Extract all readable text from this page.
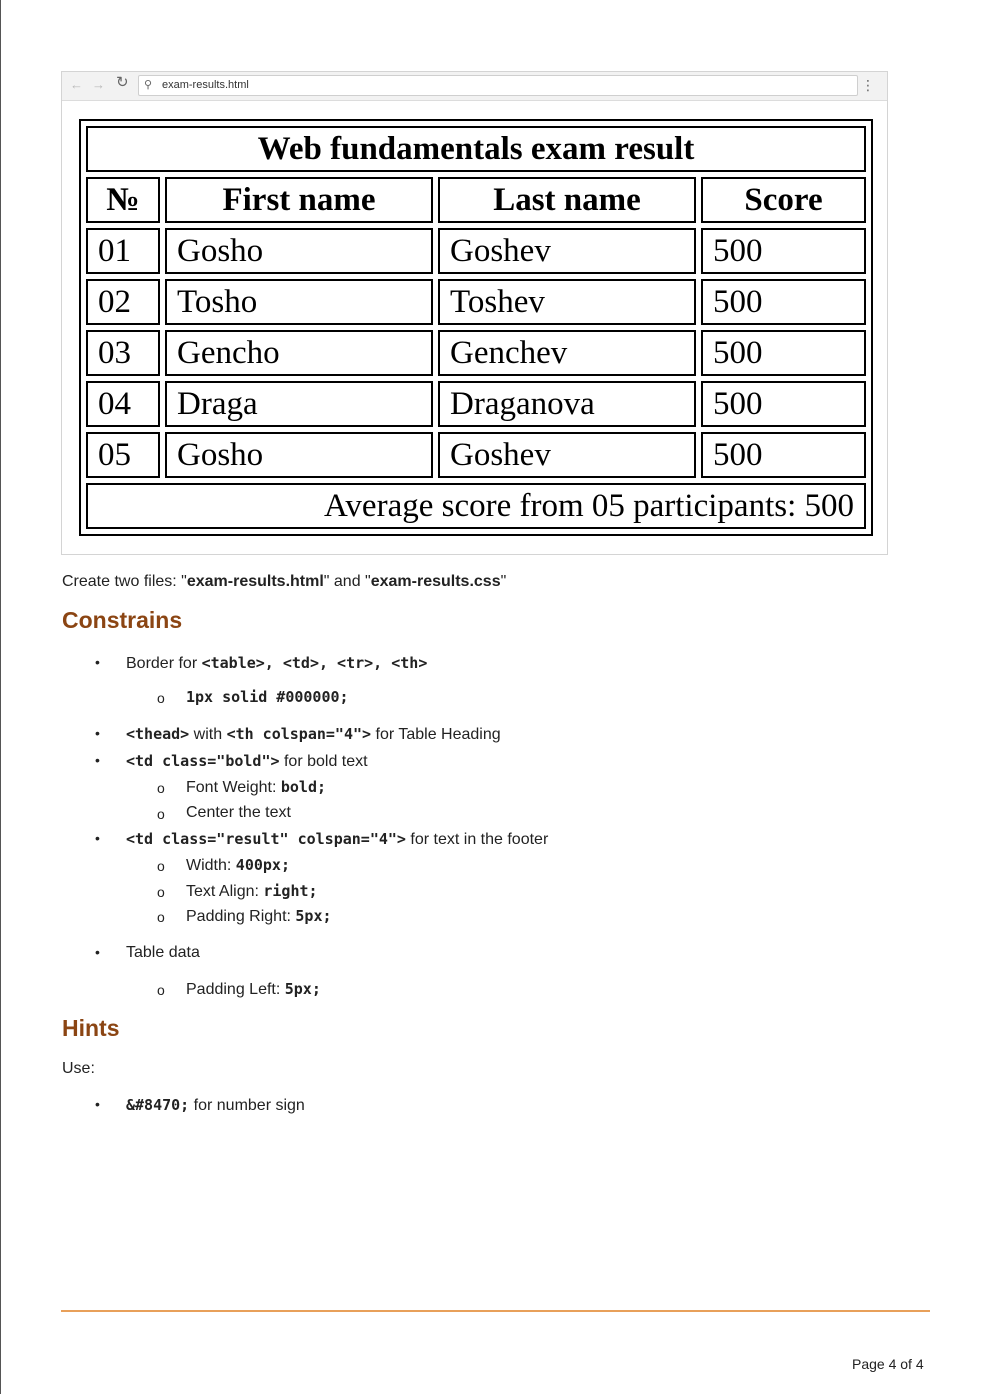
← → ↻ ⚲ exam-results.html	⋮
Web fundamentals exam result			
№	First name	Last name	Score
01	Gosho	Goshev	500
02	Tosho	Toshev	500
03	Gencho	Genchev	500
04	Draga	Draganova	500
05	Gosho	Goshev	500
Average score from 05 participants: 500			
Create two files: "exam-results.html" and "exam-results.css"
Constrains
• Border for <table>, <td>, <tr>, <th>
o 1px solid #000000;
• <thead> with <th colspan="4"> for Table Heading
• <td class="bold"> for bold text
o Font Weight: bold;
o Center the text
• <td class="result" colspan="4"> for text in the footer
o Width: 400px;
o Text Align: right;
o Padding Right: 5px;
• Table data
o Padding Left: 5px;
Hints
Use:
• &#8470; for number sign
Page 4 of 4
